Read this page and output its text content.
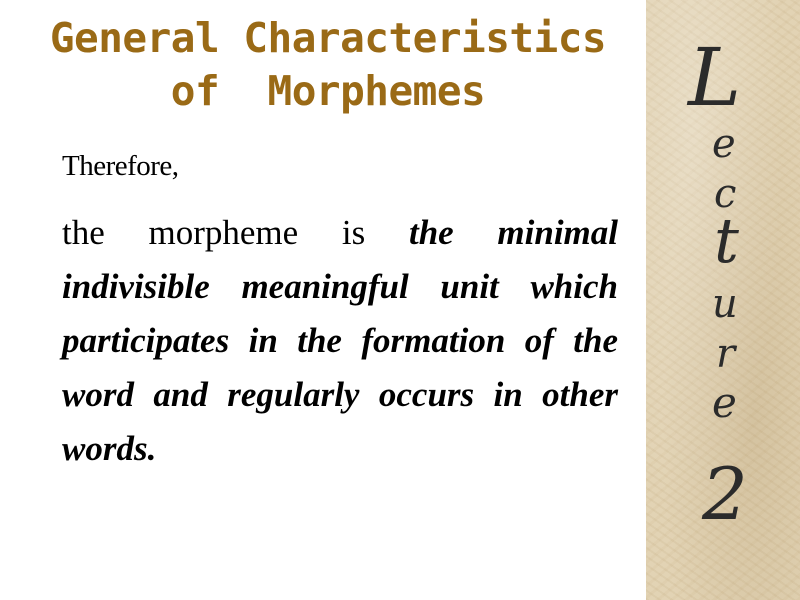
General Characteristics
of  Morphemes
Therefore,
the morpheme is the minimal indivisible meaningful unit which participates in the formation of the word and regularly occurs in other words.
L
e
c
t
u
r
e
2
